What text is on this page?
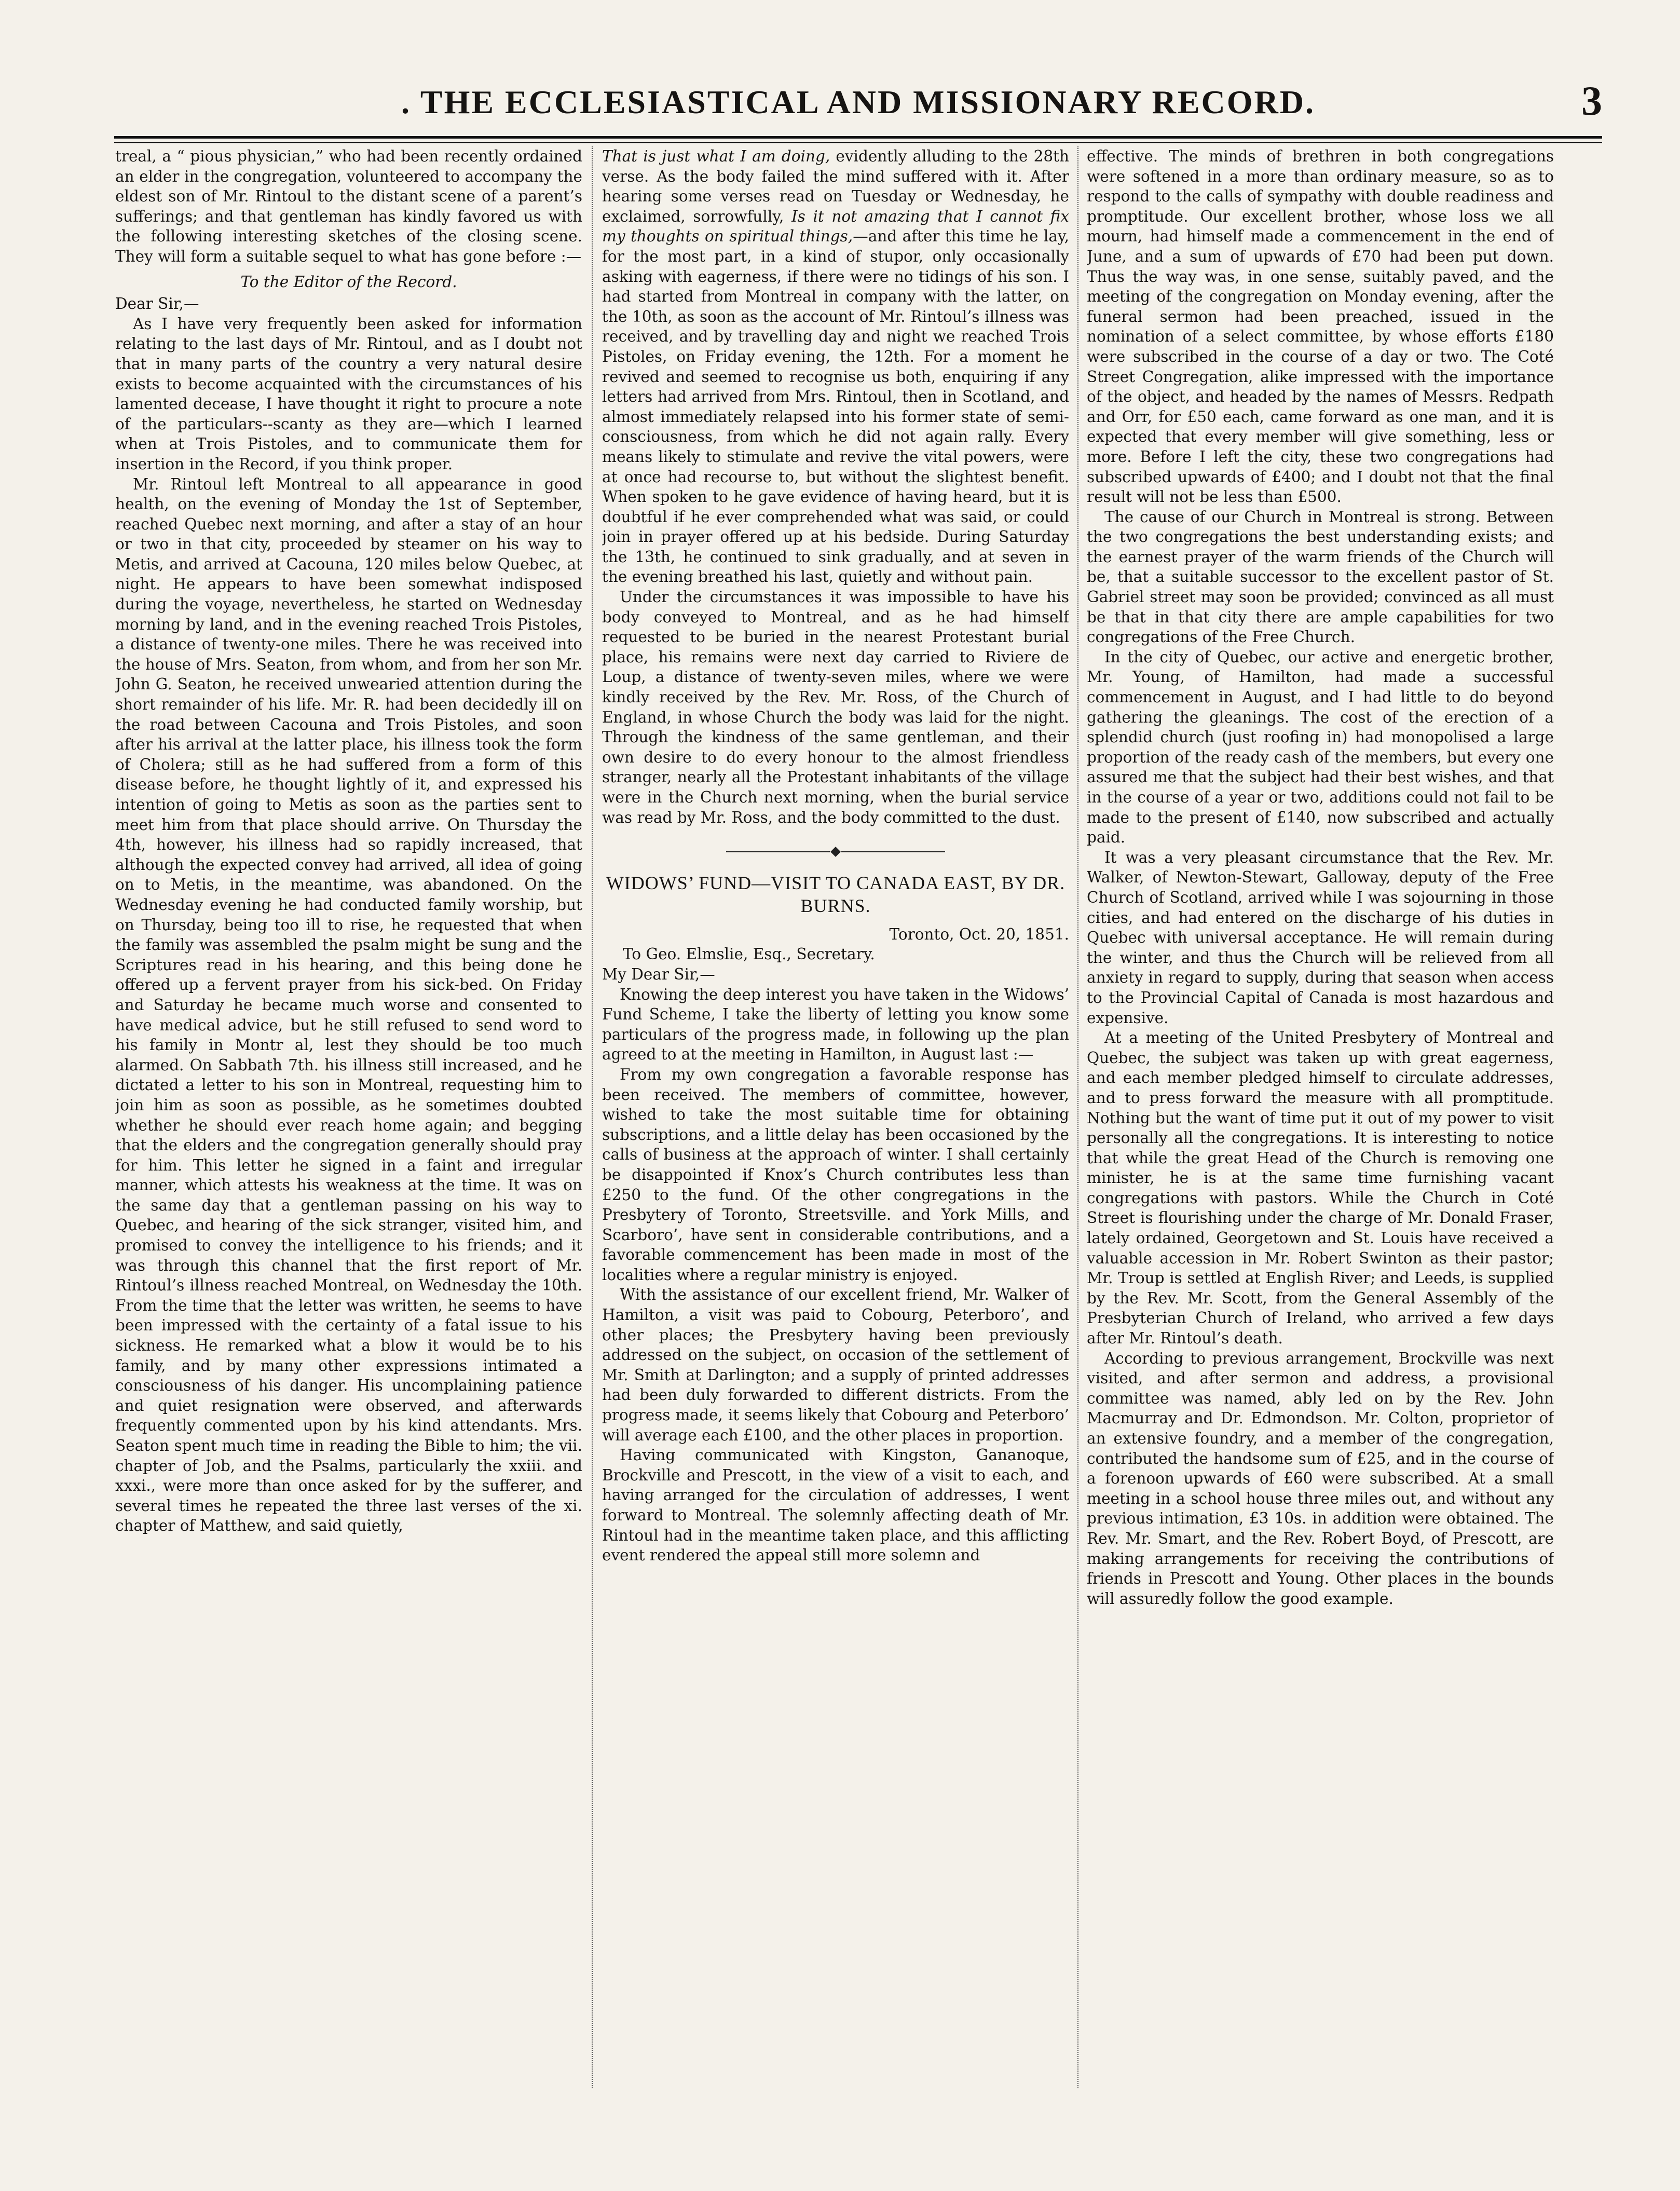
. THE ECCLESIASTICAL AND MISSIONARY RECORD.	3

treal, a “ pious physician,” who had been recently ordained an elder in the congregation, volunteered to accompany the eldest son of Mr. Rintoul to the distant scene of a parent’s sufferings; and that gentleman has kindly favored us with the following interesting sketches of the closing scene. They will form a suitable sequel to what has gone before :—

To the Editor of the Record.

Dear Sir,—

As I have very frequently been asked for information relating to the last days of Mr. Rintoul, and as I doubt not that in many parts of the country a very natural desire exists to become acquainted with the circumstances of his lamented decease, I have thought it right to procure a note of the particulars--scanty as they are—which I learned when at Trois Pistoles, and to communicate them for insertion in the Record, if you think proper.

Mr. Rintoul left Montreal to all appearance in good health, on the evening of Monday the 1st of September, reached Quebec next morning, and after a stay of an hour or two in that city, proceeded by steamer on his way to Metis, and arrived at Cacouna, 120 miles below Quebec, at night. He appears to have been somewhat indisposed during the voyage, nevertheless, he started on Wednesday morning by land, and in the evening reached Trois Pistoles, a distance of twenty-one miles. There he was received into the house of Mrs. Seaton, from whom, and from her son Mr. John G. Seaton, he received unwearied attention during the short remainder of his life. Mr. R. had been decidedly ill on the road between Cacouna and Trois Pistoles, and soon after his arrival at the latter place, his illness took the form of Cholera; still as he had suffered from a form of this disease before, he thought lightly of it, and expressed his intention of going to Metis as soon as the parties sent to meet him from that place should arrive. On Thursday the 4th, however, his illness had so rapidly increased, that although the expected convey had arrived, all idea of going on to Metis, in the meantime, was abandoned. On the Wednesday evening he had conducted family worship, but on Thursday, being too ill to rise, he requested that when the family was assembled the psalm might be sung and the Scriptures read in his hearing, and this being done he offered up a fervent prayer from his sick-bed. On Friday and Saturday he became much worse and consented to have medical advice, but he still refused to send word to his family in Montr al, lest they should be too much alarmed. On Sabbath 7th. his illness still increased, and he dictated a letter to his son in Montreal, requesting him to join him as soon as possible, as he sometimes doubted whether he should ever reach home again; and begging that the elders and the congregation generally should pray for him. This letter he signed in a faint and irregular manner, which attests his weakness at the time. It was on the same day that a gentleman passing on his way to Quebec, and hearing of the sick stranger, visited him, and promised to convey the intelligence to his friends; and it was through this channel that the first report of Mr. Rintoul’s illness reached Montreal, on Wednesday the 10th. From the time that the letter was written, he seems to have been impressed with the certainty of a fatal issue to his sickness. He remarked what a blow it would be to his family, and by many other expressions intimated a consciousness of his danger. His uncomplaining patience and quiet resignation were observed, and afterwards frequently commented upon by his kind attendants. Mrs. Seaton spent much time in reading the Bible to him; the vii. chapter of Job, and the Psalms, particularly the xxiii. and xxxi., were more than once asked for by the sufferer, and several times he repeated the three last verses of the xi. chapter of Matthew, and said quietly,

That is just what I am doing, evidently alluding to the 28th verse. As the body failed the mind suffered with it. After hearing some verses read on Tuesday or Wednesday, he exclaimed, sorrowfully, Is it not amazing that I cannot fix my thoughts on spiritual things,—and after this time he lay, for the most part, in a kind of stupor, only occasionally asking with eagerness, if there were no tidings of his son. I had started from Montreal in company with the latter, on the 10th, as soon as the account of Mr. Rintoul’s illness was received, and by travelling day and night we reached Trois Pistoles, on Friday evening, the 12th. For a moment he revived and seemed to recognise us both, enquiring if any letters had arrived from Mrs. Rintoul, then in Scotland, and almost immediately relapsed into his former state of semi-consciousness, from which he did not again rally. Every means likely to stimulate and revive the vital powers, were at once had recourse to, but without the slightest benefit. When spoken to he gave evidence of having heard, but it is doubtful if he ever comprehended what was said, or could join in prayer offered up at his bedside. During Saturday the 13th, he continued to sink gradually, and at seven in the evening breathed his last, quietly and without pain.

Under the circumstances it was impossible to have his body conveyed to Montreal, and as he had himself requested to be buried in the nearest Protestant burial place, his remains were next day carried to Riviere de Loup, a distance of twenty-seven miles, where we were kindly received by the Rev. Mr. Ross, of the Church of England, in whose Church the body was laid for the night. Through the kindness of the same gentleman, and their own desire to do every honour to the almost friendless stranger, nearly all the Protestant inhabitants of the village were in the Church next morning, when the burial service was read by Mr. Ross, and the body committed to the dust.

WIDOWS’ FUND—VISIT TO CANADA EAST, BY DR. BURNS.

Toronto, Oct. 20, 1851.

To Geo. Elmslie, Esq., Secretary.

My Dear Sir,—

Knowing the deep interest you have taken in the Widows’ Fund Scheme, I take the liberty of letting you know some particulars of the progress made, in following up the plan agreed to at the meeting in Hamilton, in August last :—

From my own congregation a favorable response has been received. The members of committee, however, wished to take the most suitable time for obtaining subscriptions, and a little delay has been occasioned by the calls of business at the approach of winter. I shall certainly be disappointed if Knox’s Church contributes less than £250 to the fund. Of the other congregations in the Presbytery of Toronto, Streetsville. and York Mills, and Scarboro’, have sent in considerable contributions, and a favorable commencement has been made in most of the localities where a regular ministry is enjoyed.

With the assistance of our excellent friend, Mr. Walker of Hamilton, a visit was paid to Cobourg, Peterboro’, and other places; the Presbytery having been previously addressed on the subject, on occasion of the settlement of Mr. Smith at Darlington; and a supply of printed addresses had been duly forwarded to different districts. From the progress made, it seems likely that Cobourg and Peterboro’ will average each £100, and the other places in proportion.

Having communicated with Kingston, Gananoque, Brockville and Prescott, in the view of a visit to each, and having arranged for the circulation of addresses, I went forward to Montreal. The solemnly affecting death of Mr. Rintoul had in the meantime taken place, and this afflicting event rendered the appeal still more solemn and

effective. The minds of brethren in both congregations were softened in a more than ordinary measure, so as to respond to the calls of sympathy with double readiness and promptitude. Our excellent brother, whose loss we all mourn, had himself made a commencement in the end of June, and a sum of upwards of £70 had been put down. Thus the way was, in one sense, suitably paved, and the meeting of the congregation on Monday evening, after the funeral sermon had been preached, issued in the nomination of a select committee, by whose efforts £180 were subscribed in the course of a day or two. The Coté Street Congregation, alike impressed with the importance of the object, and headed by the names of Messrs. Redpath and Orr, for £50 each, came forward as one man, and it is expected that every member will give something, less or more. Before I left the city, these two congregations had subscribed upwards of £400; and I doubt not that the final result will not be less than £500.

The cause of our Church in Montreal is strong. Between the two congregations the best understanding exists; and the earnest prayer of the warm friends of the Church will be, that a suitable successor to the excellent pastor of St. Gabriel street may soon be provided; convinced as all must be that in that city there are ample capabilities for two congregations of the Free Church.

In the city of Quebec, our active and energetic brother, Mr. Young, of Hamilton, had made a successful commencement in August, and I had little to do beyond gathering the gleanings. The cost of the erection of a splendid church (just roofing in) had monopolised a large proportion of the ready cash of the members, but every one assured me that the subject had their best wishes, and that in the course of a year or two, additions could not fail to be made to the present of £140, now subscribed and actually paid.

It was a very pleasant circumstance that the Rev. Mr. Walker, of Newton-Stewart, Galloway, deputy of the Free Church of Scotland, arrived while I was sojourning in those cities, and had entered on the discharge of his duties in Quebec with universal acceptance. He will remain during the winter, and thus the Church will be relieved from all anxiety in regard to supply, during that season when access to the Provincial Capital of Canada is most hazardous and expensive.

At a meeting of the United Presbytery of Montreal and Quebec, the subject was taken up with great eagerness, and each member pledged himself to circulate addresses, and to press forward the measure with all promptitude. Nothing but the want of time put it out of my power to visit personally all the congregations. It is interesting to notice that while the great Head of the Church is removing one minister, he is at the same time furnishing vacant congregations with pastors. While the Church in Coté Street is flourishing under the charge of Mr. Donald Fraser, lately ordained, Georgetown and St. Louis have received a valuable accession in Mr. Robert Swinton as their pastor; Mr. Troup is settled at English River; and Leeds, is supplied by the Rev. Mr. Scott, from the General Assembly of the Presbyterian Church of Ireland, who arrived a few days after Mr. Rintoul’s death.

According to previous arrangement, Brockville was next visited, and after sermon and address, a provisional committee was named, ably led on by the Rev. John Macmurray and Dr. Edmondson. Mr. Colton, proprietor of an extensive foundry, and a member of the congregation, contributed the handsome sum of £25, and in the course of a forenoon upwards of £60 were subscribed. At a small meeting in a school house three miles out, and without any previous intimation, £3 10s. in addition were obtained. The Rev. Mr. Smart, and the Rev. Robert Boyd, of Prescott, are making arrangements for receiving the contributions of friends in Prescott and Young. Other places in the bounds will assuredly follow the good example.
